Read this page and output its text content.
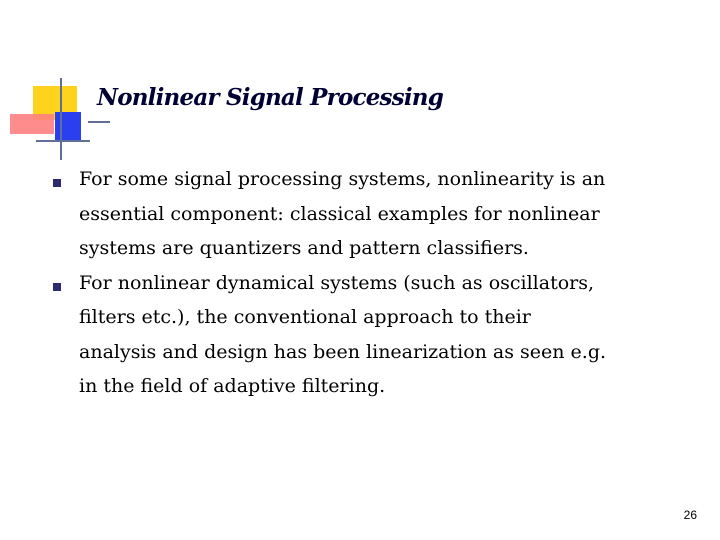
Nonlinear Signal Processing
For some signal processing systems, nonlinearity is an
essential component: classical examples for nonlinear
systems are quantizers and pattern classifiers.
For nonlinear dynamical systems (such as oscillators,
filters etc.), the conventional approach to their
analysis and design has been linearization as seen e.g.
in the field of adaptive filtering.
26
